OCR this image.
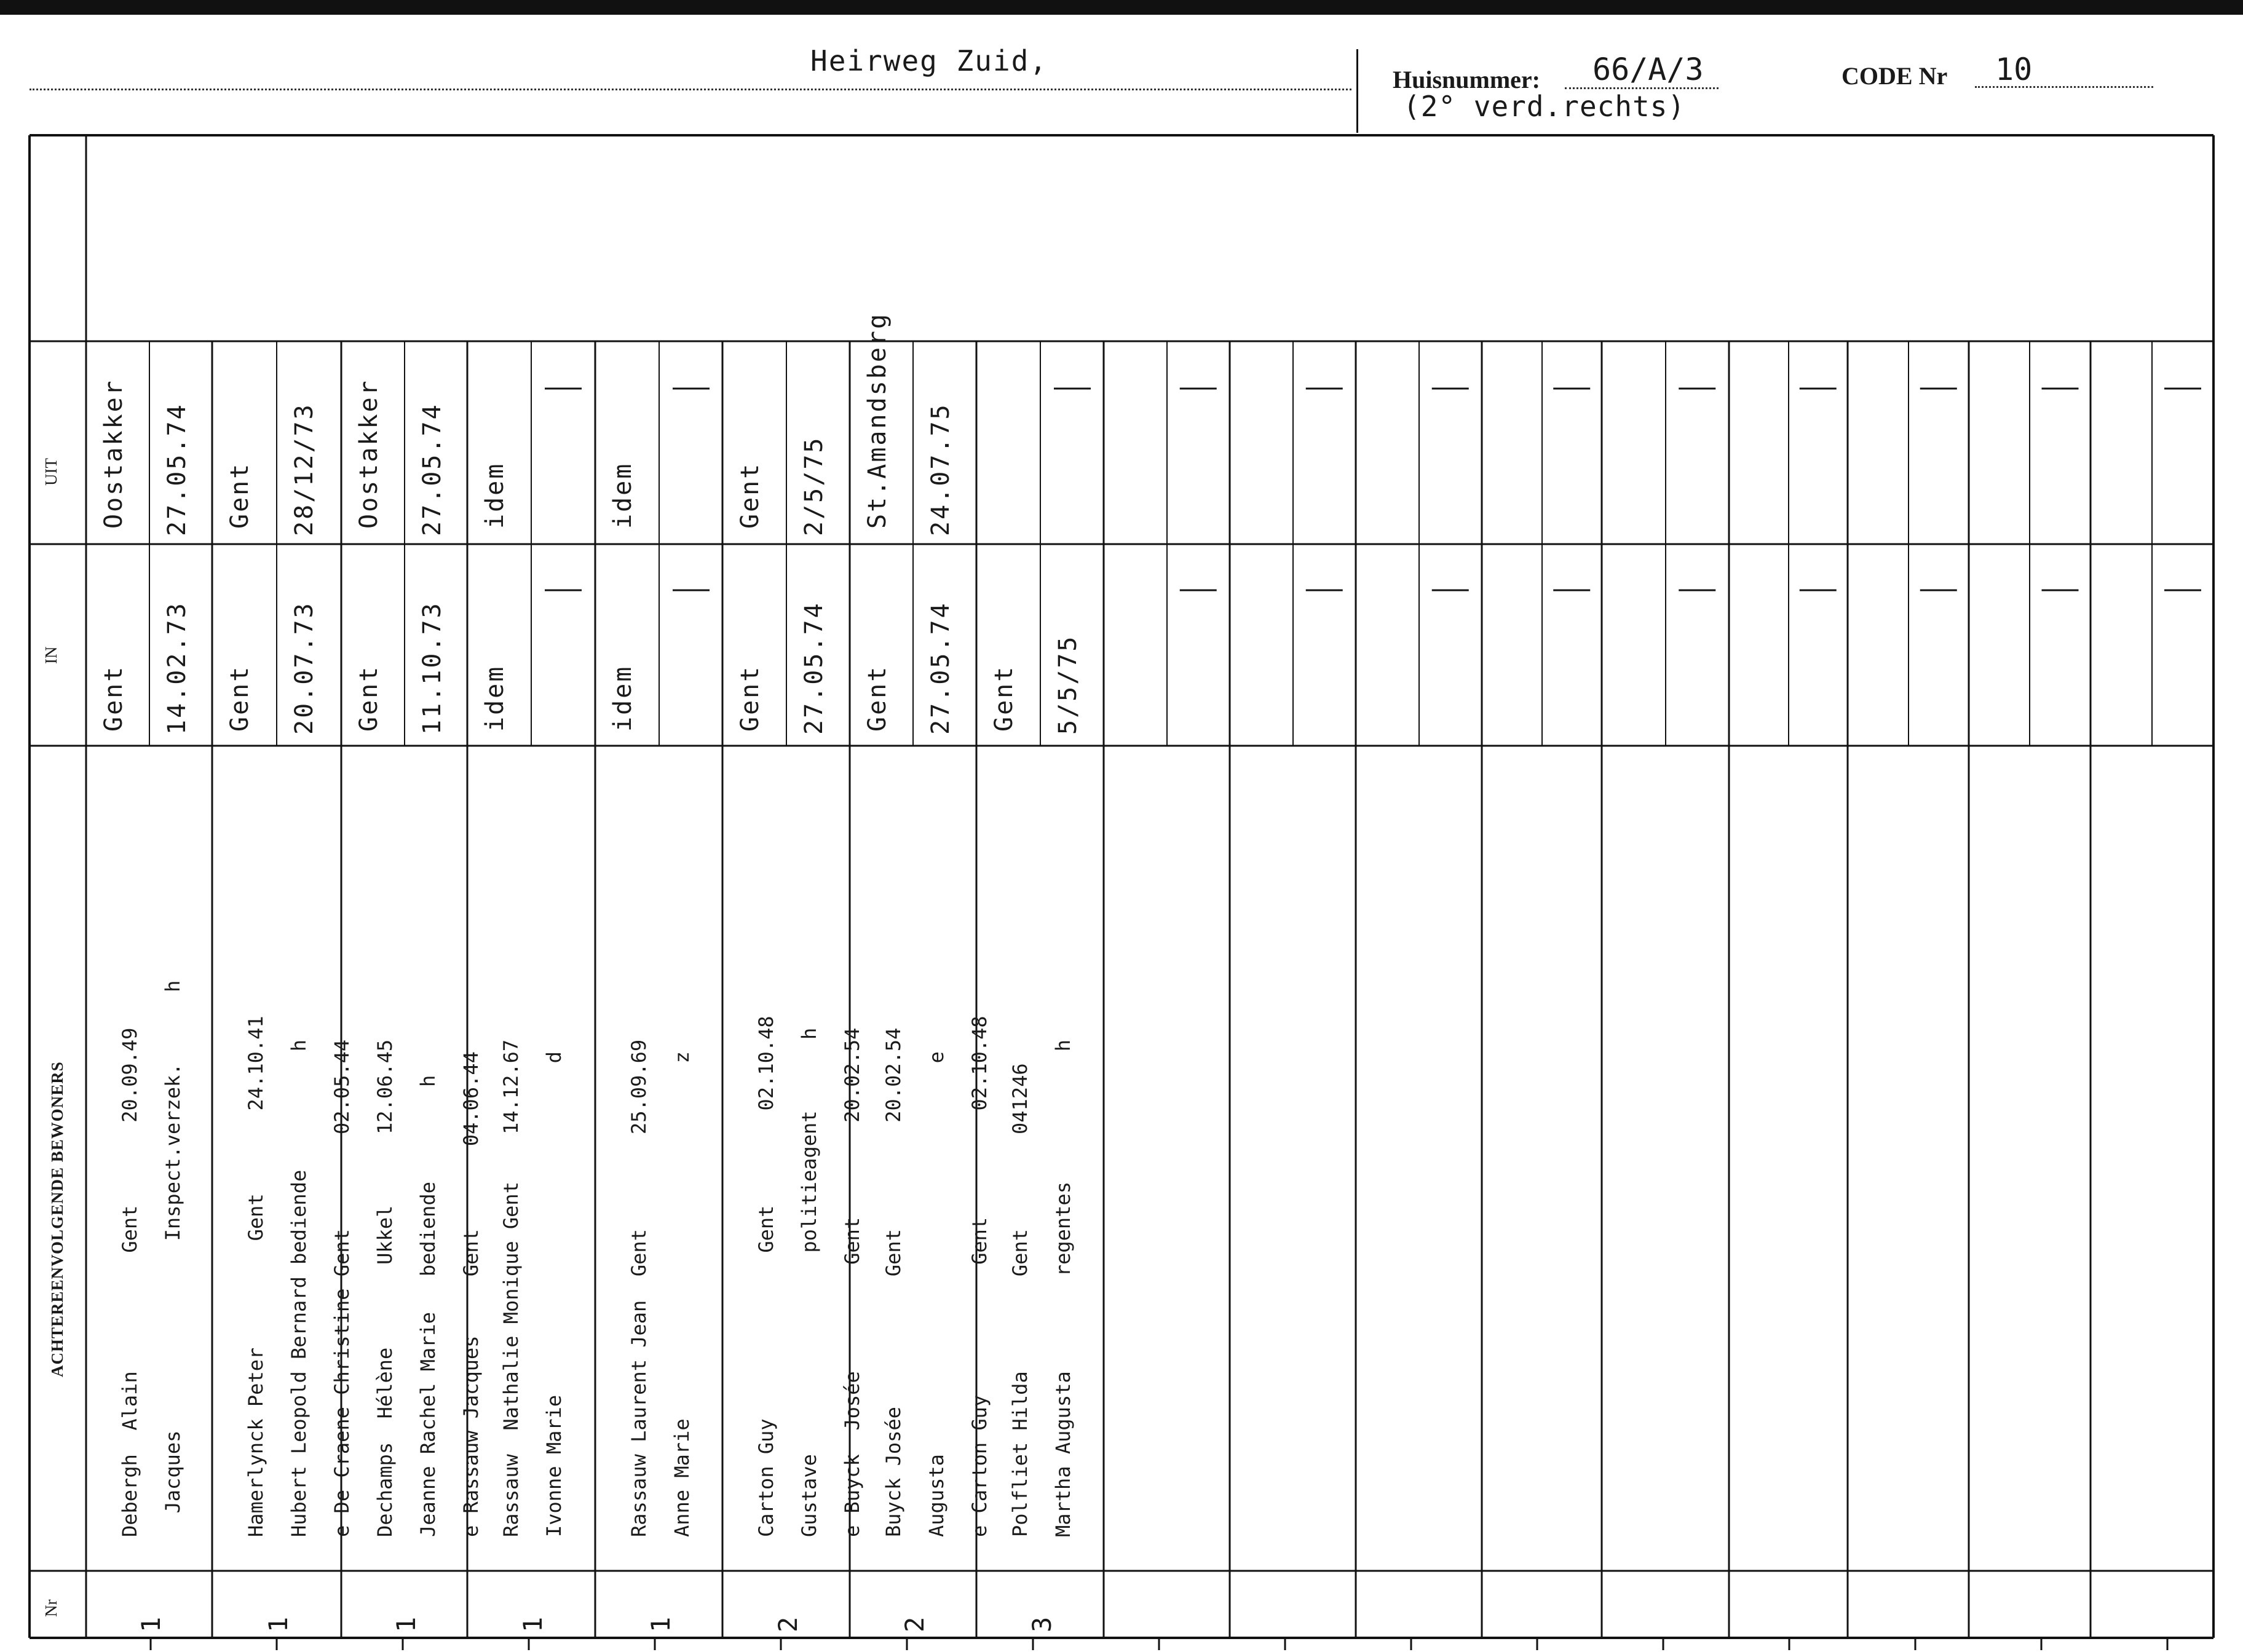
Heirweg Zuid,
Huisnummer: 66/A/3
(2° verd.rechts)
CODE Nr 10
UIT
IN
ACHTEREENVOLGENDE BEWONERS
Nr
Oostakker 27.05.74
Gent 14.02.73
Debergh  Alain          Gent       20.09.49
Jacques                Inspect.verzek.      h
1
Gent 28/12/73
Gent 20.07.73
Hamerlynck Peter         Gent       24.10.41
Hubert Leopold Bernard bediende          h
e De Craene Christine Gent        02.05.44
1
Oostakker 27.05.74
Gent 11.10.73
Dechamps  Hélène       Ukkel      12.06.45
Jeanne Rachel Marie   bediende        h
e Rassauw Jacques     Gent       04.06.44
1
idem
idem
Rassauw  Nathalie Monique Gent    14.12.67
Ivonne Marie                            d
1
idem
idem
Rassauw Laurent Jean  Gent        25.09.69
Anne Marie                              z
1
Gent 2/5/75
Gent 27.05.74
Carton Guy              Gent        02.10.48
Gustave                 politieagent      h
e Buyck  Josée         Gent        20.02.54
2
St.Amandsberg 24.07.75
Gent 27.05.74
Buyck Josée           Gent         20.02.54
Augusta                                 e
e Carton Guy           Gent         02.10.48
2
Gent 5/5/75
Polfliet Hilda        Gent        041246
Martha Augusta        regentes           h
3
